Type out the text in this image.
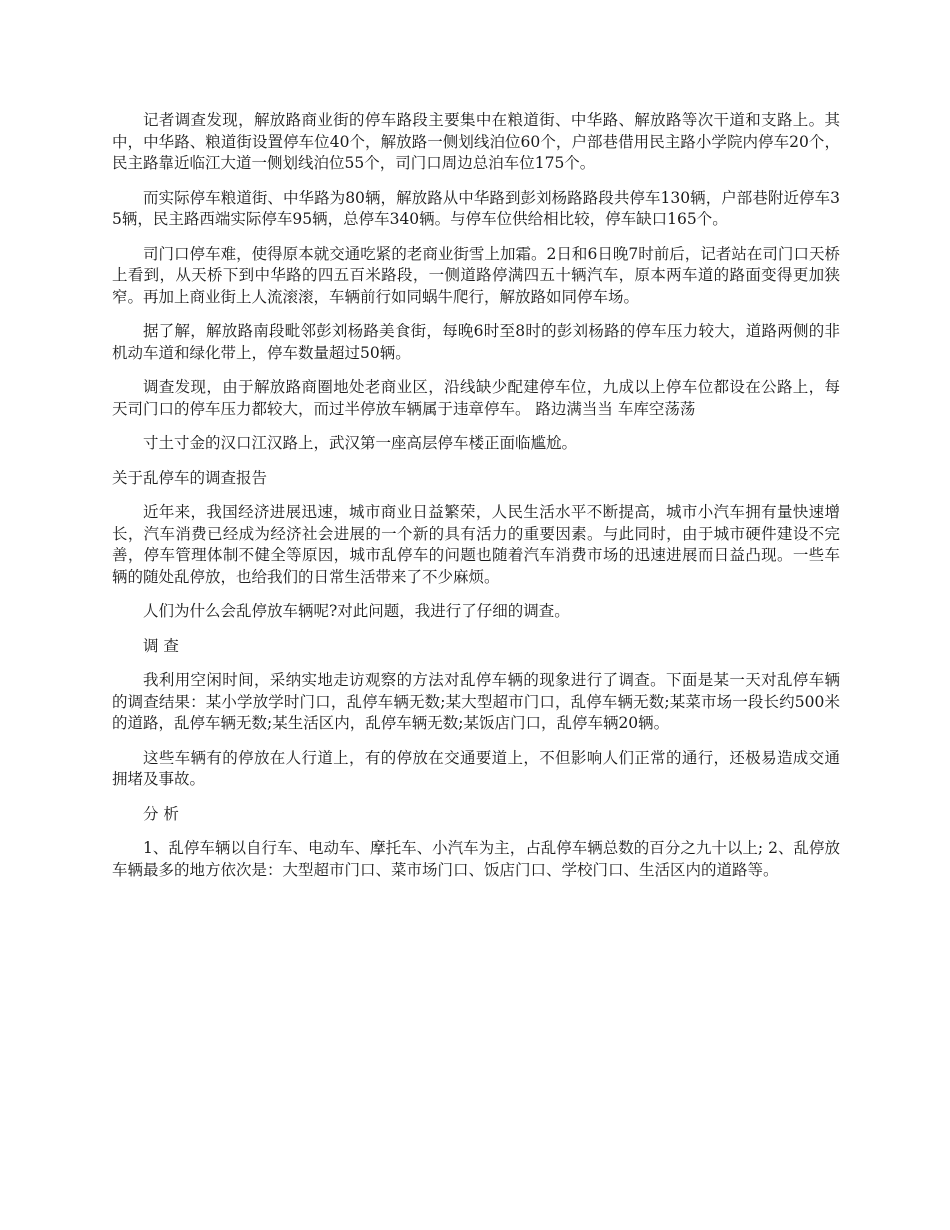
记者调查发现，解放路商业街的停车路段主要集中在粮道街、中华路、解放路等次干道和支路上。其中，中华路、粮道街设置停车位40个，解放路一侧划线泊位60个，户部巷借用民主路小学院内停车20个，民主路靠近临江大道一侧划线泊位55个，司门口周边总泊车位175个。

而实际停车粮道街、中华路为80辆，解放路从中华路到彭刘杨路路段共停车130辆，户部巷附近停车35辆，民主路西端实际停车95辆，总停车340辆。与停车位供给相比较，停车缺口165个。

司门口停车难，使得原本就交通吃紧的老商业街雪上加霜。2日和6日晚7时前后，记者站在司门口天桥上看到，从天桥下到中华路的四五百米路段，一侧道路停满四五十辆汽车，原本两车道的路面变得更加狭窄。再加上商业街上人流滚滚，车辆前行如同蜗牛爬行，解放路如同停车场。

据了解，解放路南段毗邻彭刘杨路美食街，每晚6时至8时的彭刘杨路的停车压力较大，道路两侧的非机动车道和绿化带上，停车数量超过50辆。

调查发现，由于解放路商圈地处老商业区，沿线缺少配建停车位，九成以上停车位都设在公路上，每天司门口的停车压力都较大，而过半停放车辆属于违章停车。 路边满当当 车库空荡荡

寸土寸金的汉口江汉路上，武汉第一座高层停车楼正面临尴尬。

关于乱停车的调查报告

近年来，我国经济进展迅速，城市商业日益繁荣，人民生活水平不断提高，城市小汽车拥有量快速增长，汽车消费已经成为经济社会进展的一个新的具有活力的重要因素。与此同时，由于城市硬件建设不完善，停车管理体制不健全等原因，城市乱停车的问题也随着汽车消费市场的迅速进展而日益凸现。一些车辆的随处乱停放，也给我们的日常生活带来了不少麻烦。

人们为什么会乱停放车辆呢?对此问题，我进行了仔细的调查。

调 查

我利用空闲时间，采纳实地走访观察的方法对乱停车辆的现象进行了调查。下面是某一天对乱停车辆的调查结果：某小学放学时门口，乱停车辆无数;某大型超市门口，乱停车辆无数;某菜市场一段长约500米的道路，乱停车辆无数;某生活区内，乱停车辆无数;某饭店门口，乱停车辆20辆。

这些车辆有的停放在人行道上，有的停放在交通要道上，不但影响人们正常的通行，还极易造成交通拥堵及事故。

分 析

1、乱停车辆以自行车、电动车、摩托车、小汽车为主，占乱停车辆总数的百分之九十以上; 2、乱停放车辆最多的地方依次是：大型超市门口、菜市场门口、饭店门口、学校门口、生活区内的道路等。
